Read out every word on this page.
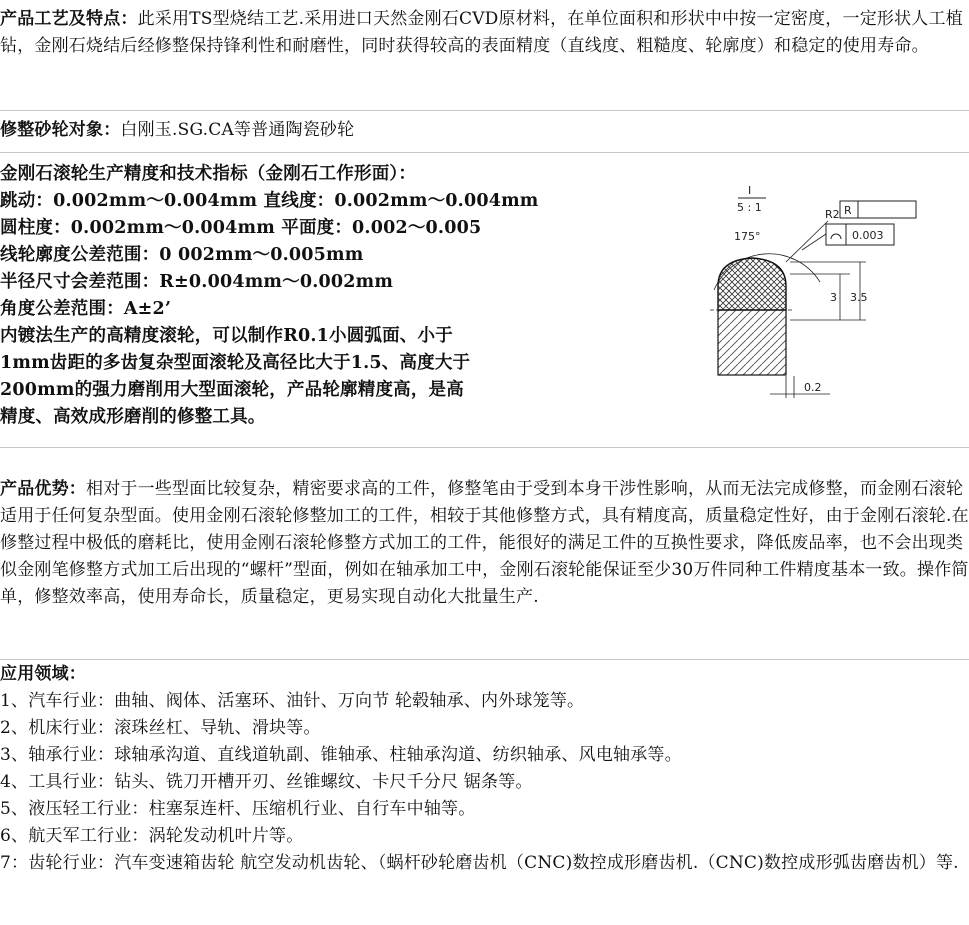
产品工艺及特点：此采用TS型烧结工艺.采用进口天然金刚石CVD原材料，在单位面积和形状中中按一定密度，一定形状人工植钻，金刚石烧结后经修整保持锋利性和耐磨性，同时获得较高的表面精度（直线度、粗糙度、轮廓度）和稳定的使用寿命。

修整砂轮对象：白刚玉.SG.CA等普通陶瓷砂轮

金刚石滚轮生产精度和技术指标（金刚石工作形面）：

跳动：0.002mm～0.004mm 直线度：0.002mm～0.004mm

圆柱度：0.002mm～0.004mm 平面度：0.002～0.005

线轮廓度公差范围：0 002mm～0.005mm

半径尺寸会差范围：R±0.004mm～0.002mm

角度公差范围：A±2’

内镀法生产的高精度滚轮，可以制作R0.1小圆弧面、小于

1mm齿距的多齿复杂型面滚轮及高径比大于1.5、高度大于

200mm的强力磨削用大型面滚轮，产品轮廓精度高，是高

精度、高效成形磨削的修整工具。

I
5 : 1	R
0.003
R2
175°
3 3.5
0.2

产品优势：相对于一些型面比较复杂，精密要求高的工件，修整笔由于受到本身干涉性影响，从而无法完成修整，而金刚石滚轮适用于任何复杂型面。使用金刚石滚轮修整加工的工件，相较于其他修整方式，具有精度高，质量稳定性好，由于金刚石滚轮.在修整过程中极低的磨耗比，使用金刚石滚轮修整方式加工的工件，能很好的满足工件的互换性要求，降低废品率，也不会出现类似金刚笔修整方式加工后出现的“螺杆”型面，例如在轴承加工中，金刚石滚轮能保证至少30万件同种工件精度基本一致。操作简单，修整效率高，使用寿命长，质量稳定，更易实现自动化大批量生产.

应用领域：

1、汽车行业：曲轴、阀体、活塞环、油针、万向节 轮毂轴承、内外球笼等。

2、机床行业：滚珠丝杠、导轨、滑块等。

3、轴承行业：球轴承沟道、直线道轨副、锥轴承、柱轴承沟道、纺织轴承、风电轴承等。

4、工具行业：钻头、铣刀开槽开刃、丝锥螺纹、卡尺千分尺 锯条等。

5、液压轻工行业：柱塞泵连杆、压缩机行业、自行车中轴等。

6、航天军工行业：涡轮发动机叶片等。

7：齿轮行业：汽车变速箱齿轮 航空发动机齿轮、（蜗杆砂轮磨齿机（CNC)数控成形磨齿机.（CNC)数控成形弧齿磨齿机）等.
